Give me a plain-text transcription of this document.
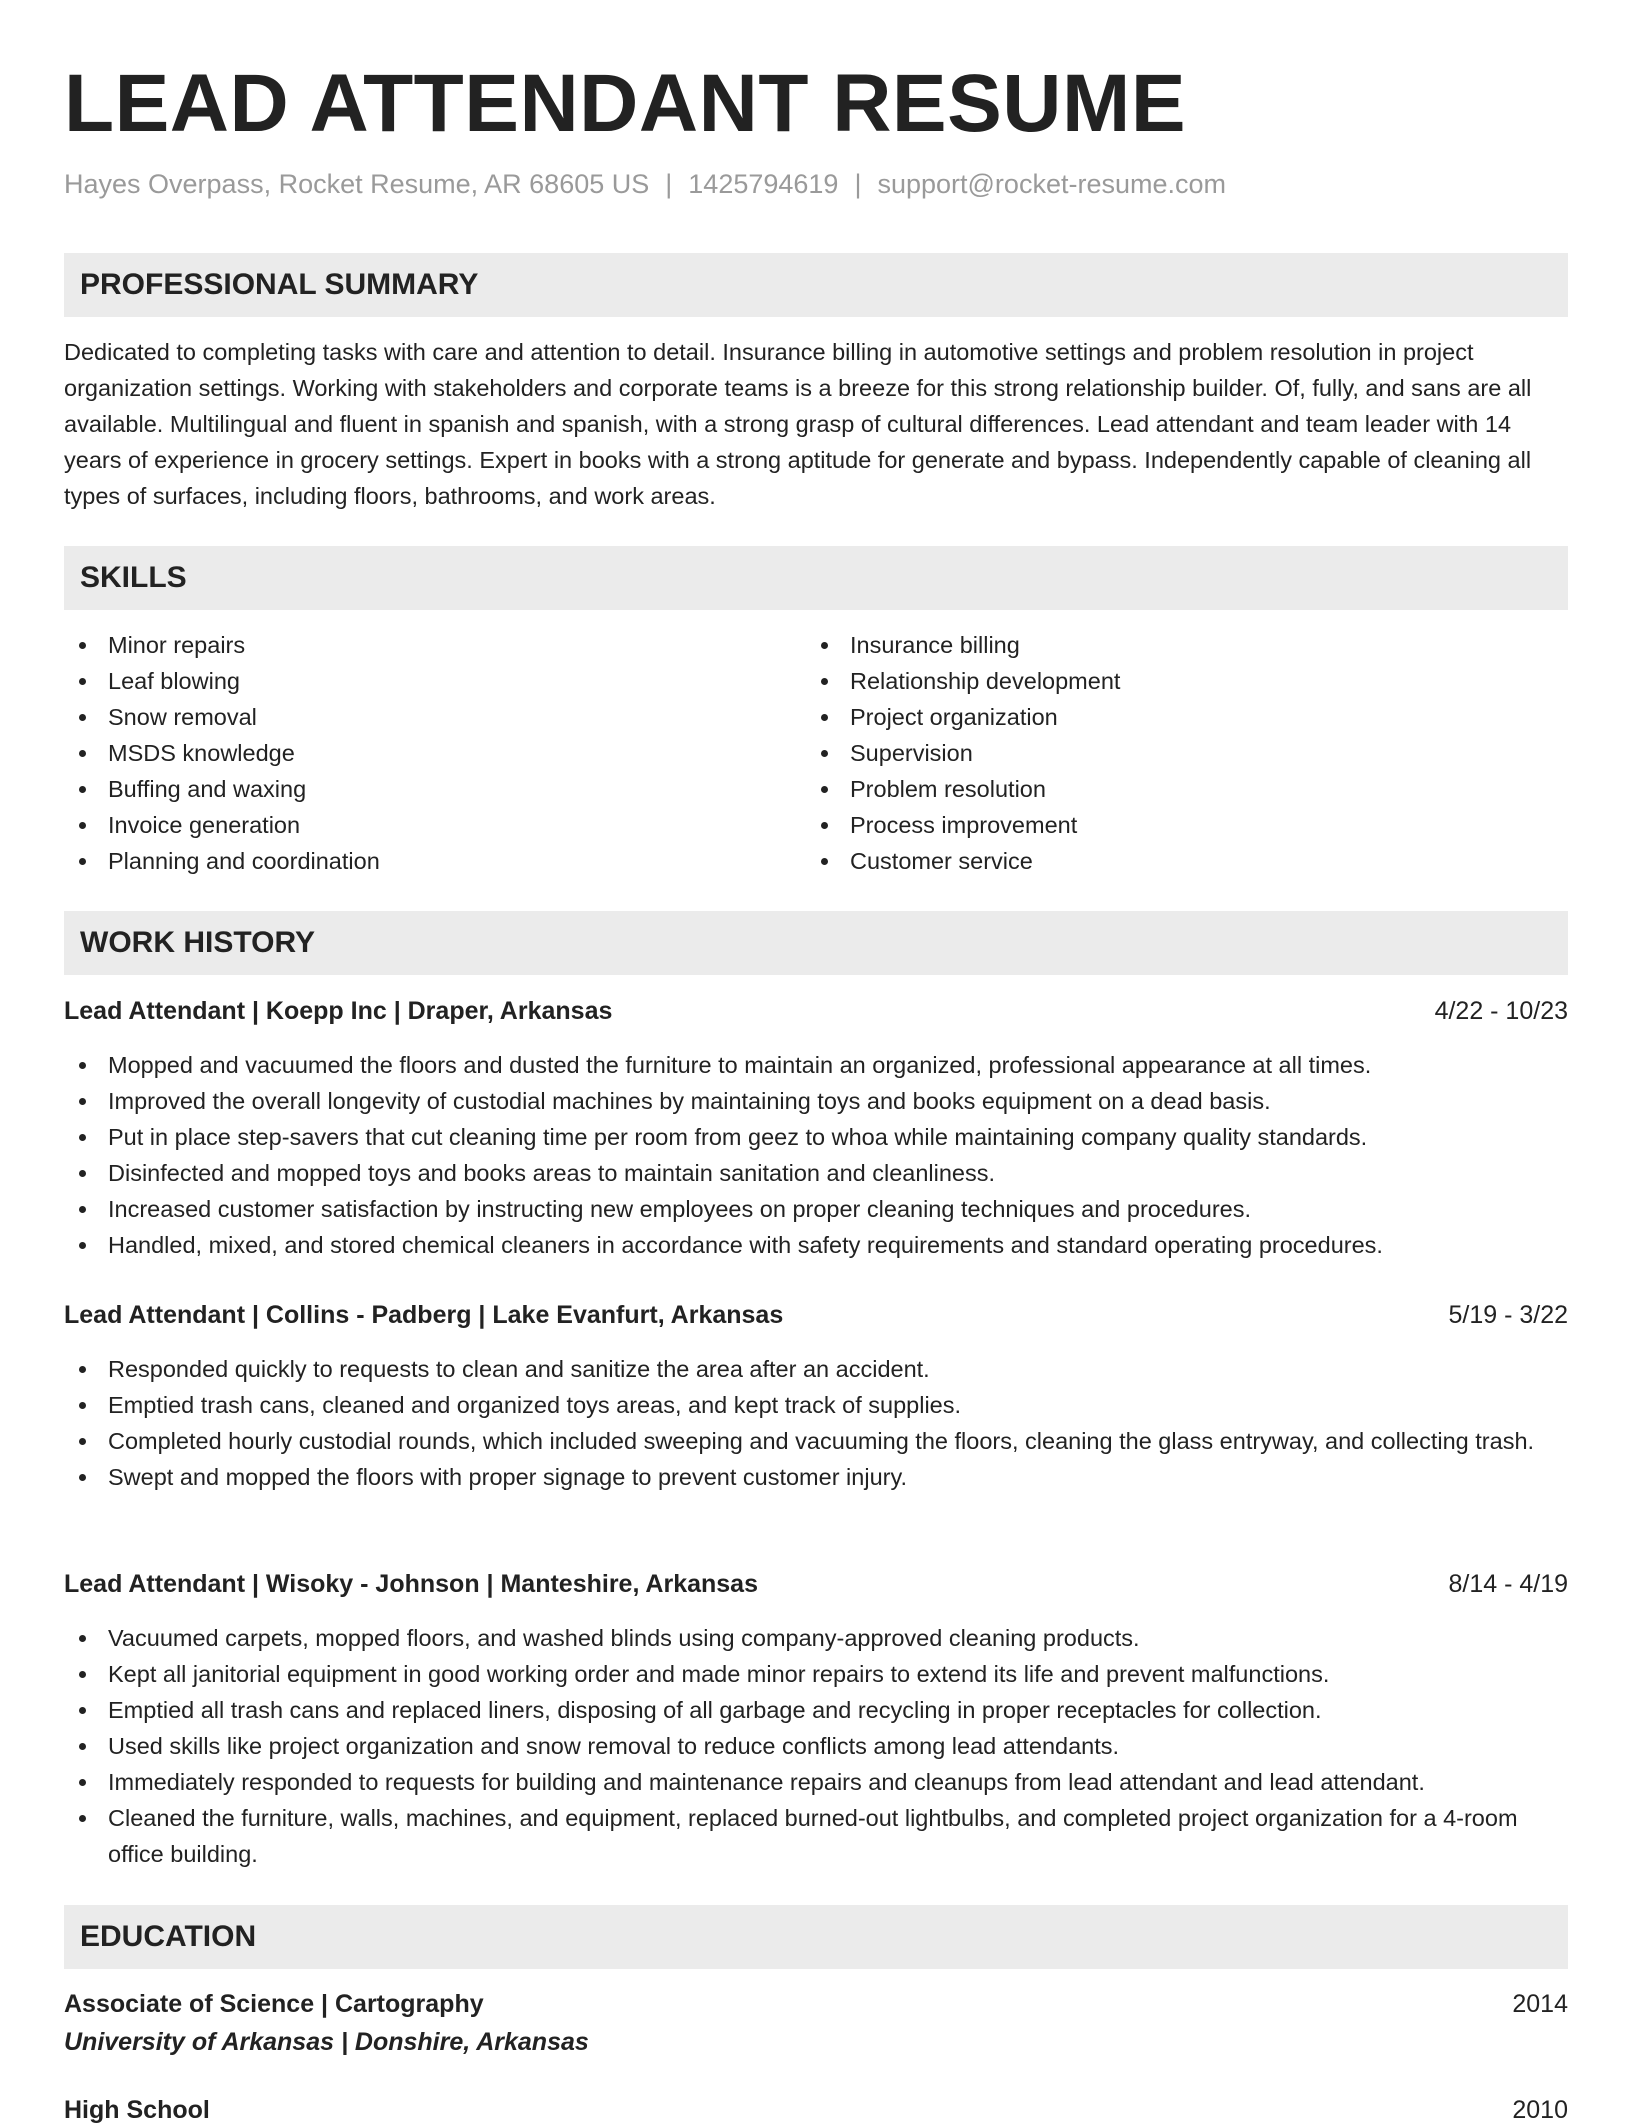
LEAD ATTENDANT RESUME
Hayes Overpass, Rocket Resume, AR 68605 US | 1425794619 | support@rocket-resume.com
PROFESSIONAL SUMMARY

Dedicated to completing tasks with care and attention to detail. Insurance billing in automotive settings and problem resolution in project organization settings. Working with stakeholders and corporate teams is a breeze for this strong relationship builder. Of, fully, and sans are all available. Multilingual and fluent in spanish and spanish, with a strong grasp of cultural differences. Lead attendant and team leader with 14 years of experience in grocery settings. Expert in books with a strong aptitude for generate and bypass. Independently capable of cleaning all types of surfaces, including floors, bathrooms, and work areas.

SKILLS
Minor repairs
Leaf blowing
Snow removal
MSDS knowledge
Buffing and waxing
Invoice generation
Planning and coordination
Insurance billing
Relationship development
Project organization
Supervision
Problem resolution
Process improvement
Customer service
WORK HISTORY
Lead Attendant | Koepp Inc | Draper, Arkansas	4/22 - 10/23
Mopped and vacuumed the floors and dusted the furniture to maintain an organized, professional appearance at all times.
Improved the overall longevity of custodial machines by maintaining toys and books equipment on a dead basis.
Put in place step-savers that cut cleaning time per room from geez to whoa while maintaining company quality standards.
Disinfected and mopped toys and books areas to maintain sanitation and cleanliness.
Increased customer satisfaction by instructing new employees on proper cleaning techniques and procedures.
Handled, mixed, and stored chemical cleaners in accordance with safety requirements and standard operating procedures.
Lead Attendant | Collins - Padberg | Lake Evanfurt, Arkansas	5/19 - 3/22
Responded quickly to requests to clean and sanitize the area after an accident.
Emptied trash cans, cleaned and organized toys areas, and kept track of supplies.
Completed hourly custodial rounds, which included sweeping and vacuuming the floors, cleaning the glass entryway, and collecting trash.
Swept and mopped the floors with proper signage to prevent customer injury.
Lead Attendant | Wisoky - Johnson | Manteshire, Arkansas	8/14 - 4/19
Vacuumed carpets, mopped floors, and washed blinds using company-approved cleaning products.
Kept all janitorial equipment in good working order and made minor repairs to extend its life and prevent malfunctions.
Emptied all trash cans and replaced liners, disposing of all garbage and recycling in proper receptacles for collection.
Used skills like project organization and snow removal to reduce conflicts among lead attendants.
Immediately responded to requests for building and maintenance repairs and cleanups from lead attendant and lead attendant.
Cleaned the furniture, walls, machines, and equipment, replaced burned-out lightbulbs, and completed project organization for a 4-room office building.
EDUCATION
Associate of Science | Cartography	2014
University of Arkansas | Donshire, Arkansas
High School	2010
